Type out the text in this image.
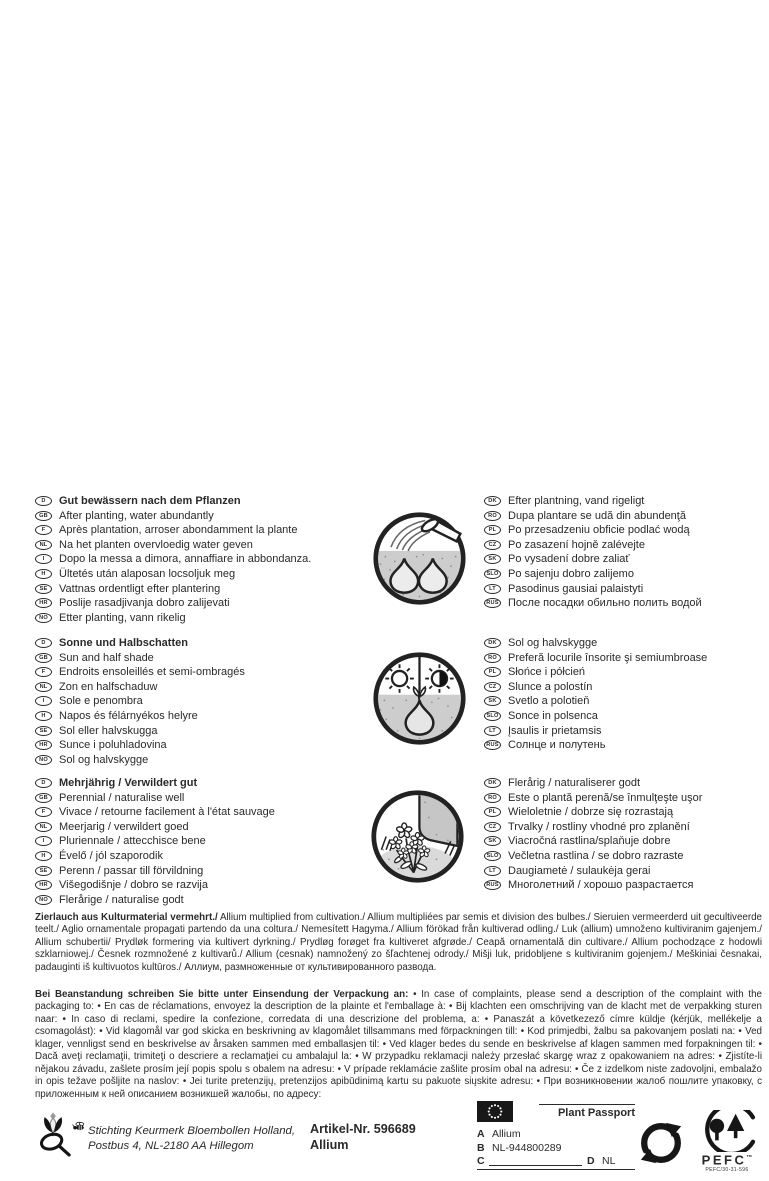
D	Gut bewässern nach dem Pflanzen
GB	After planting, water abundantly
F	Après plantation, arroser abondamment la plante
NL	Na het planten overvloedig water geven
I	Dopo la messa a dimora, annaffiare in abbondanza.
H	Ültetés után alaposan locsoljuk meg
SE	Vattnas ordentligt efter plantering
HR	Poslije rasadjivanja dobro zalijevati
NO	Etter planting, vann rikelig
DK	Efter plantning, vand rigeligt
RO	Dupa plantare se udă din abundenţă
PL	Po przesadzeniu obficie podlać wodą
CZ	Po zasazení hojně zalévejte
SK	Po vysadení dobre zaliať
SLO Po sajenju dobro zalijemo
LT	Pasodinus gausiai palaistyti
RUS После посадки обильно полить водой
D	Sonne und Halbschatten
GB	Sun and half shade
F	Endroits ensoleillés et semi-ombragés
NL	Zon en halfschaduw
I	Sole e penombra
H	Napos és félárnyékos helyre
SE	Sol eller halvskugga
HR	Sunce i poluhladovina
NO	Sol og halvskygge
DK	Sol og halvskygge
RO	Preferă locurile însorite şi semiumbroase
PL	Słońce i półcień
CZ	Slunce a polostín
SK	Svetlo a polotieň
SLO Sonce in polsenca
LT	Įsaulis ir prietamsis
RUS Солнце и полутень
D	Mehrjährig / Verwildert gut
GB	Perennial / naturalise well
F	Vivace / retourne facilement à l'état sauvage
NL	Meerjarig / verwildert goed
I	Pluriennale / attecchisce bene
H	Évelő / jól szaporodik
SE	Perenn / passar till förvildning
HR	Višegodišnje / dobro se razvija
NO	Flerårige / naturalise godt
DK	Flerårig / naturaliserer godt
RO	Este o plantă perenă/se înmulţeşte uşor
PL	Wieloletnie / dobrze się rozrastają
CZ	Trvalky / rostliny vhodné pro zplanění
SK	Viacročná rastlina/splaňuje dobre
SLO Večletna rastlina / se dobro razraste
LT	Daugiametė / sulaukėja gerai
RUS Многолетний / хорошо разрастается
Zierlauch aus Kulturmaterial vermehrt./ Allium multiplied from cultivation./ Allium multipliées par semis et division des bulbes./ Sieruien vermeerderd uit gecultiveerde teelt./ Aglio ornamentale propagati partendo da una coltura./ Nemesített Hagyma./ Allium förökad från kultiverad odling./ Luk (allium) umnoženo kultiviranim gajenjem./ Allium schubertii/ Prydløk formering via kultivert dyrkning./ Prydløg forøget fra kultiveret afgrøde./ Ceapă ornamentală din cultivare./ Allium pochodzące z hodowli szklarniowej./ Česnek rozmnožené z kultivarů./ Allium (cesnak) namnožený zo šľachtenej odrody./ Mišji luk, pridobljene s kultiviranim gojenjem./ Meškiniai česnakai, padauginti iš kultivuotos kultūros./ Аллиум, размноженные от культивированного развода.
Bei Beanstandung schreiben Sie bitte unter Einsendung der Verpackung an: • In case of complaints, please send a description of the complaint with the packaging to: • En cas de réclamations, envoyez la description de la plainte et l'emballage à: • Bij klachten een omschrijving van de klacht met de verpakking sturen naar: • In caso di reclami, spedire la confezione, corredata di una descrizione del problema, a: • Panaszát a következező címre küldje (kérjük, mellékelje a csomagolást): • Vid klagomål var god skicka en beskrivning av klagomålet tillsammans med förpackningen till: • Kod primjedbi, žalbu sa pakovanjem poslati na: • Ved klager, vennligst send en beskrivelse av årsaken sammen med emballasjen til: • Ved klager bedes du sende en beskrivelse af klagen sammen med forpakningen til: • Dacă aveţi reclamaţii, trimiteţi o descriere a reclamaţiei cu ambalajul la: • W przypadku reklamacji należy przesłać skargę wraz z opakowaniem na adres: • Zjistíte-li nějakou závadu, zašlete prosím její popis spolu s obalem na adresu: • V prípade reklamácie zašlite prosím obal na adresu: • Če z izdelkom niste zadovoljni, embalažo in opis težave pošljite na naslov: • Jei turite pretenzijų, pretenzijos apibūdinimą kartu su pakuote siųskite adresu: • При возникновении жалоб пошлите упаковку, с приложенным к ней описанием возникшей жалобы, по адресу:
Stichting Keurmerk Bloembollen Holland,
Postbus 4, NL-2180 AA Hillegom
Artikel-Nr. 596689
Allium
Plant Passport
A Allium
B NL-944800289
C	D NL	PEFC™
PEFC/30-31-596
